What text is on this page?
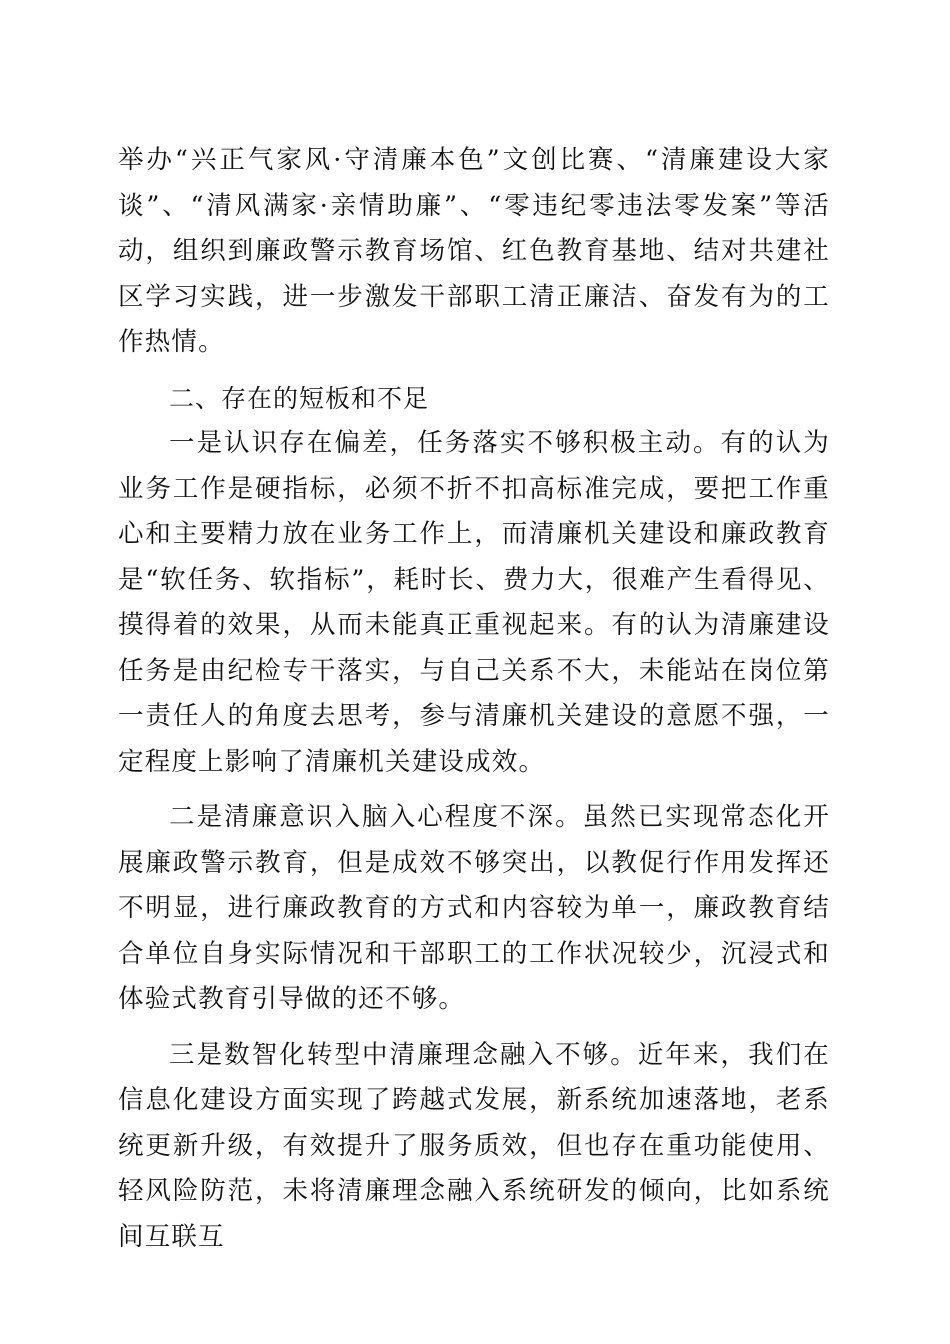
举办“兴正气家风·守清廉本色”文创比赛、“清廉建设大家谈”、“清风满家·亲情助廉”、“零违纪零违法零发案”等活动，组织到廉政警示教育场馆、红色教育基地、结对共建社区学习实践，进一步激发干部职工清正廉洁、奋发有为的工作热情。

二、存在的短板和不足

一是认识存在偏差，任务落实不够积极主动。有的认为业务工作是硬指标，必须不折不扣高标准完成，要把工作重心和主要精力放在业务工作上，而清廉机关建设和廉政教育是“软任务、软指标”，耗时长、费力大，很难产生看得见、摸得着的效果，从而未能真正重视起来。有的认为清廉建设任务是由纪检专干落实，与自己关系不大，未能站在岗位第一责任人的角度去思考，参与清廉机关建设的意愿不强，一定程度上影响了清廉机关建设成效。

二是清廉意识入脑入心程度不深。虽然已实现常态化开展廉政警示教育，但是成效不够突出，以教促行作用发挥还不明显，进行廉政教育的方式和内容较为单一，廉政教育结合单位自身实际情况和干部职工的工作状况较少，沉浸式和体验式教育引导做的还不够。

三是数智化转型中清廉理念融入不够。近年来，我们在信息化建设方面实现了跨越式发展，新系统加速落地，老系统更新升级，有效提升了服务质效，但也存在重功能使用、轻风险防范，未将清廉理念融入系统研发的倾向，比如系统间互联互
